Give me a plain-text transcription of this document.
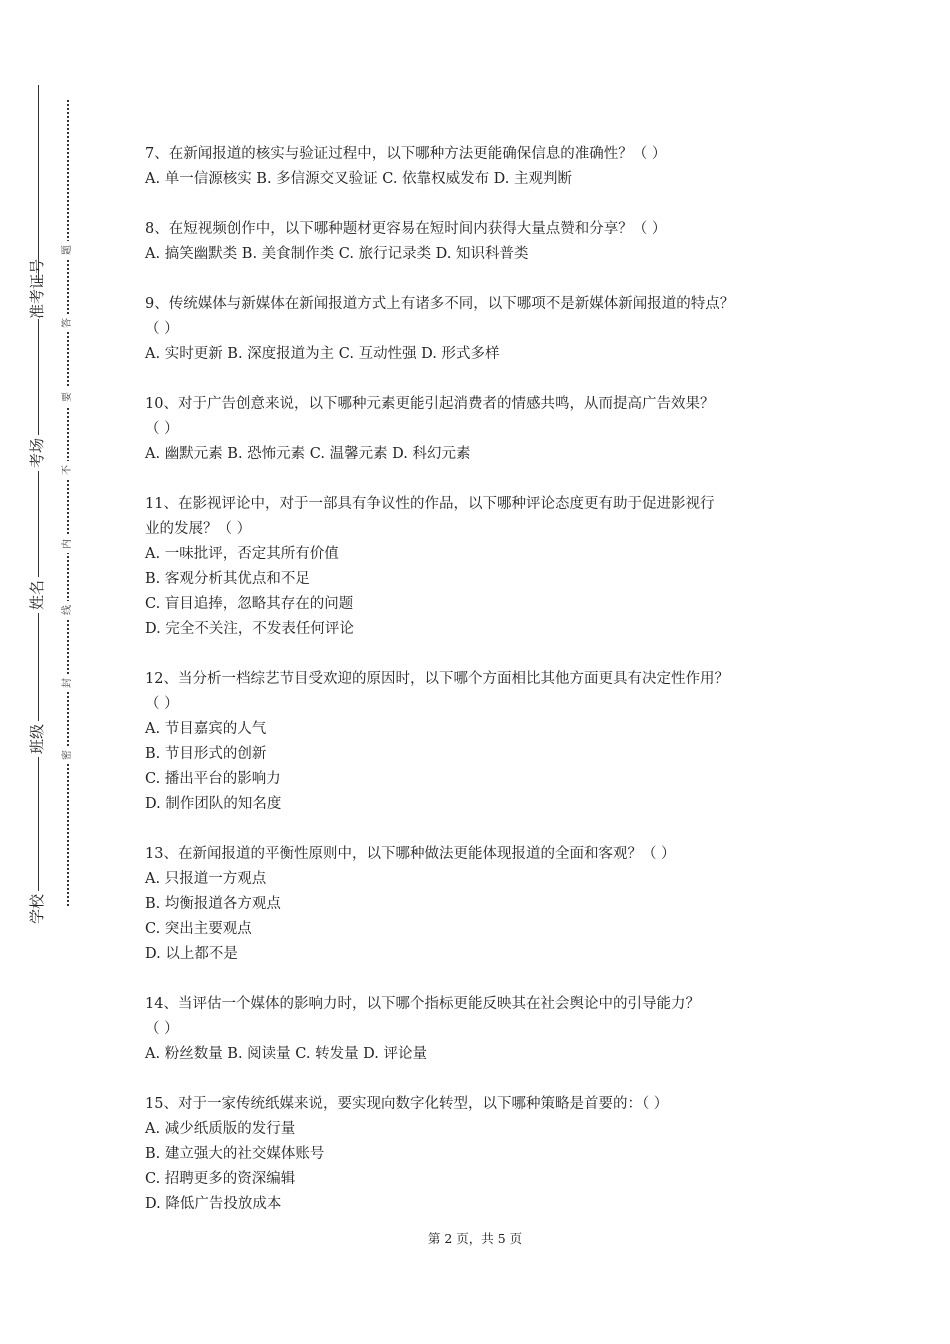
准考证号
考场
姓名
班级
学校
题
答
要
不
内
线
封
密
7、在新闻报道的核实与验证过程中，以下哪种方法更能确保信息的准确性？（ ）
A. 单一信源核实 B. 多信源交叉验证 C. 依靠权威发布 D. 主观判断
8、在短视频创作中，以下哪种题材更容易在短时间内获得大量点赞和分享？（ ）
A. 搞笑幽默类 B. 美食制作类 C. 旅行记录类 D. 知识科普类
9、传统媒体与新媒体在新闻报道方式上有诸多不同，以下哪项不是新媒体新闻报道的特点？
（ ）
A. 实时更新 B. 深度报道为主 C. 互动性强 D. 形式多样
10、对于广告创意来说，以下哪种元素更能引起消费者的情感共鸣，从而提高广告效果？
（ ）
A. 幽默元素 B. 恐怖元素 C. 温馨元素 D. 科幻元素
11、在影视评论中，对于一部具有争议性的作品，以下哪种评论态度更有助于促进影视行
业的发展？（ ）
A. 一味批评，否定其所有价值
B. 客观分析其优点和不足
C. 盲目追捧，忽略其存在的问题
D. 完全不关注，不发表任何评论
12、当分析一档综艺节目受欢迎的原因时，以下哪个方面相比其他方面更具有决定性作用？
（ ）
A. 节目嘉宾的人气
B. 节目形式的创新
C. 播出平台的影响力
D. 制作团队的知名度
13、在新闻报道的平衡性原则中，以下哪种做法更能体现报道的全面和客观？（ ）
A. 只报道一方观点
B. 均衡报道各方观点
C. 突出主要观点
D. 以上都不是
14、当评估一个媒体的影响力时，以下哪个指标更能反映其在社会舆论中的引导能力？
（ ）
A. 粉丝数量 B. 阅读量 C. 转发量 D. 评论量
15、对于一家传统纸媒来说，要实现向数字化转型，以下哪种策略是首要的：（ ）
A. 减少纸质版的发行量
B. 建立强大的社交媒体账号
C. 招聘更多的资深编辑
D. 降低广告投放成本
第 2 页，共 5 页
